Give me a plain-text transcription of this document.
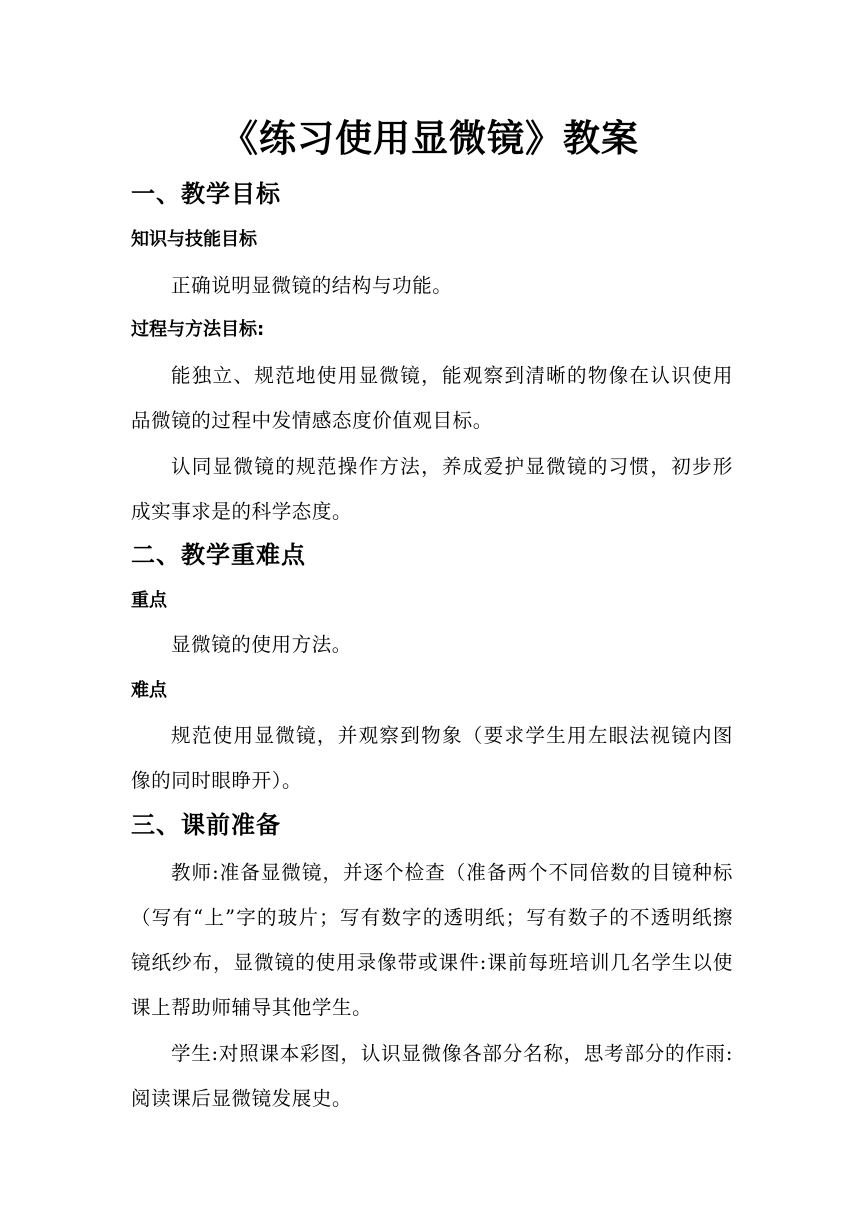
《练习使用显微镜》教案
一、教学目标
知识与技能目标
正确说明显微镜的结构与功能。
过程与方法目标:
能独立、规范地使用显微镜，能观察到清晰的物像在认识使用品微镜的过程中发情感态度价值观目标。
认同显微镜的规范操作方法，养成爱护显微镜的习惯，初步形成实事求是的科学态度。
二、教学重难点
重点
显微镜的使用方法。
难点
规范使用显微镜，并观察到物象（要求学生用左眼法视镜内图像的同时眼睁开）。
三、课前准备
教师:准备显微镜，并逐个检查（准备两个不同倍数的目镜种标（写有“上”字的玻片；写有数字的透明纸；写有数子的不透明纸擦镜纸纱布，显微镜的使用录像带或课件:课前每班培训几名学生以使课上帮助师辅导其他学生。
学生:对照课本彩图，认识显微像各部分名称，思考部分的作雨:阅读课后显微镜发展史。
